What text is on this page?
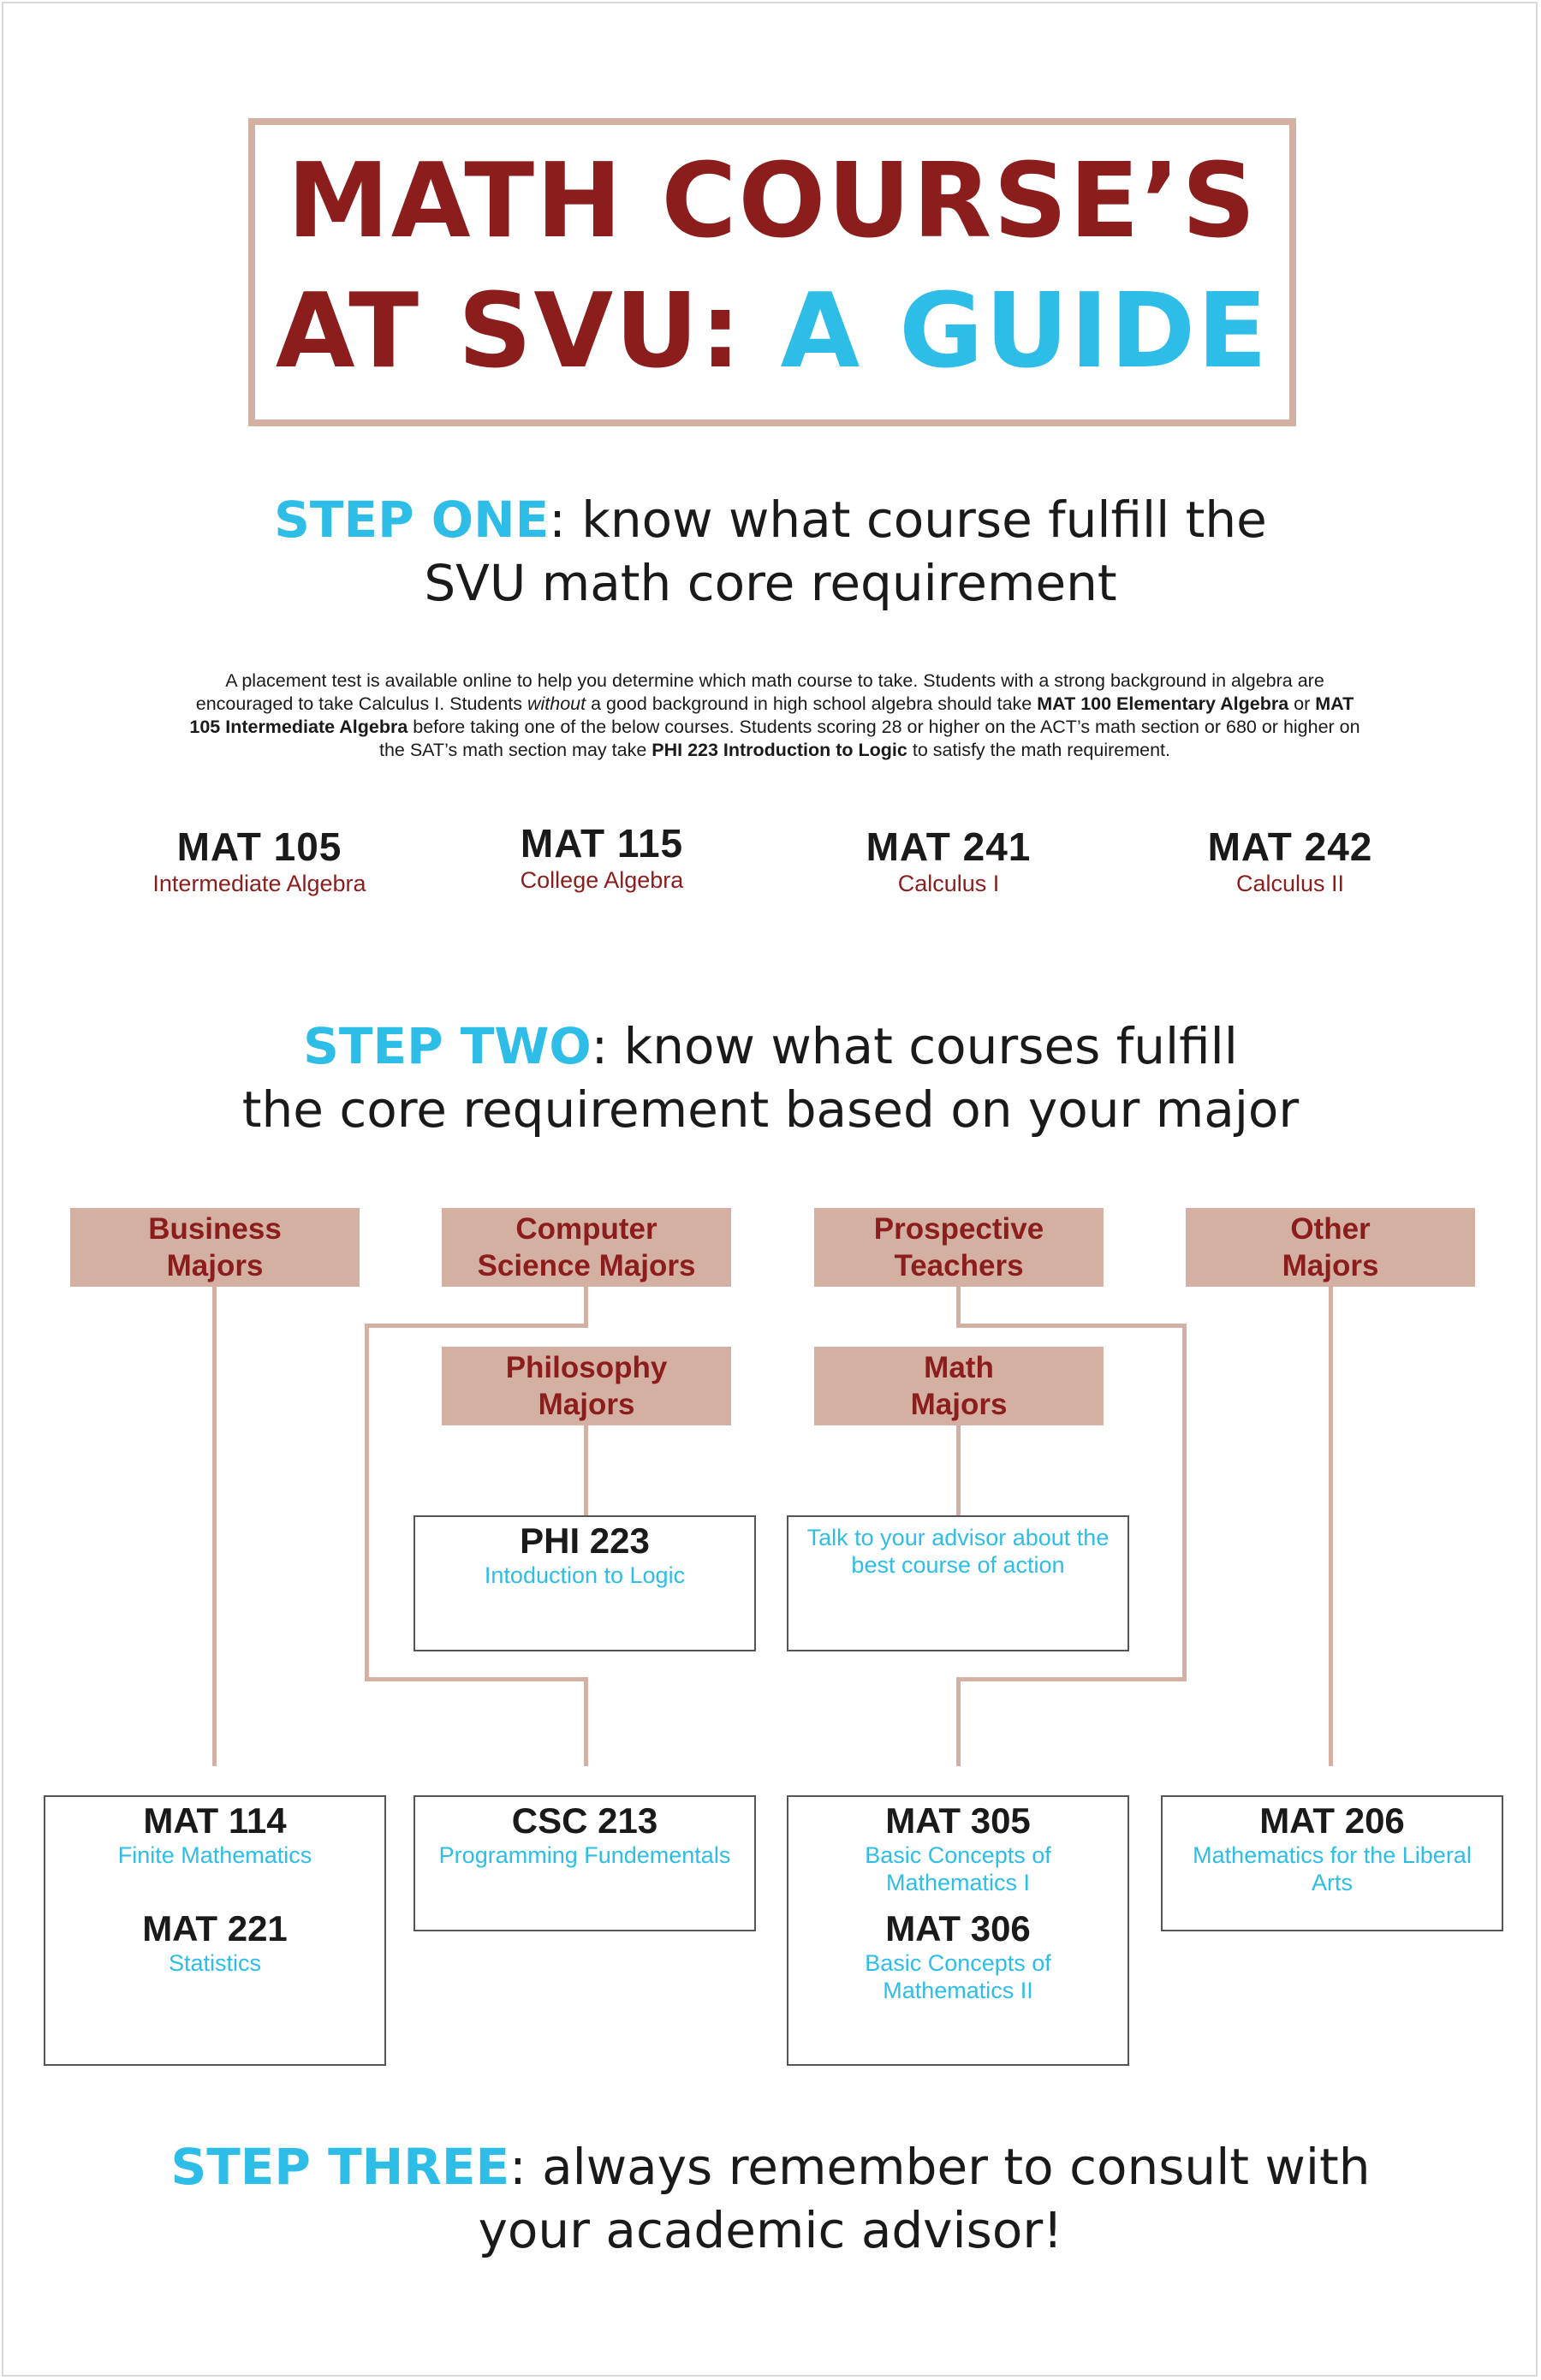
MATH COURSE’S
AT SVU: A GUIDE
STEP ONE: know what course fulfill the
SVU math core requirement
A placement test is available online to help you determine which math course to take. Students with a strong background in algebra are encouraged to take Calculus I. Students without a good background in high school algebra should take MAT 100 Elementary Algebra or MAT 105 Intermediate Algebra before taking one of the below courses. Students scoring 28 or higher on the ACT’s math section or 680 or higher on the SAT’s math section may take PHI 223 Introduction to Logic to satisfy the math requirement.
MAT 105
Intermediate Algebra
MAT 115
College Algebra
MAT 241
Calculus I
MAT 242
Calculus II
STEP TWO: know what courses fulfill
the core requirement based on your major
Business
Majors
Computer
Science Majors
Prospective
Teachers
Other
Majors
Philosophy
Majors
Math
Majors
PHI 223
Intoduction to Logic
Talk to your advisor about the best course of action
MAT 114
Finite Mathematics
MAT 221
Statistics
CSC 213
Programming Fundementals
MAT 305
Basic Concepts of Mathematics I
MAT 306
Basic Concepts of Mathematics II
MAT 206
Mathematics for the Liberal Arts
STEP THREE: always remember to consult with
your academic advisor!
